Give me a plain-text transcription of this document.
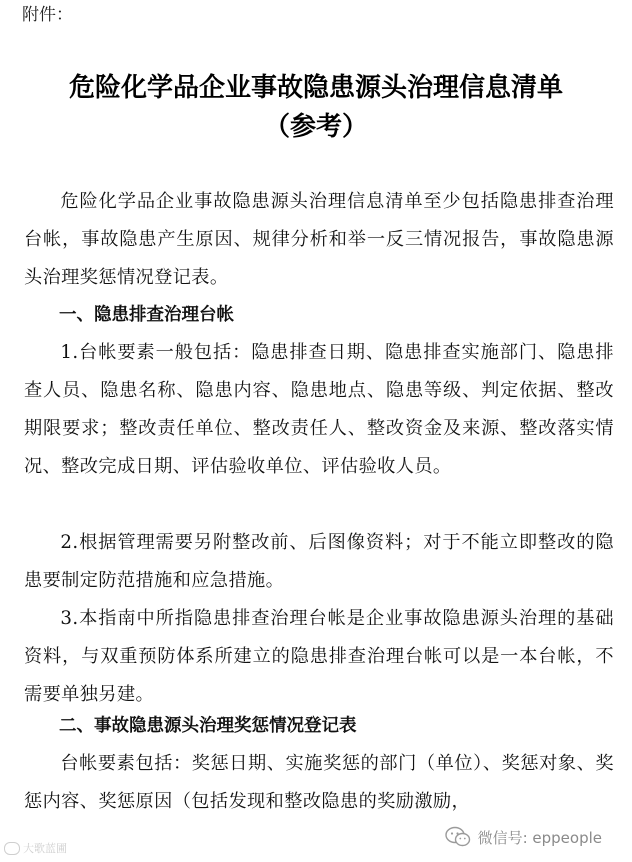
附件：
危险化学品企业事故隐患源头治理信息清单
（参考）

危险化学品企业事故隐患源头治理信息清单至少包括隐患排查治理台帐，事故隐患产生原因、规律分析和举一反三情况报告，事故隐患源头治理奖惩情况登记表。

一、隐患排查治理台帐

1.台帐要素一般包括：隐患排查日期、隐患排查实施部门、隐患排查人员、隐患名称、隐患内容、隐患地点、隐患等级、判定依据、整改期限要求；整改责任单位、整改责任人、整改资金及来源、整改落实情况、整改完成日期、评估验收单位、评估验收人员。

2.根据管理需要另附整改前、后图像资料；对于不能立即整改的隐患要制定防范措施和应急措施。

3.本指南中所指隐患排查治理台帐是企业事故隐患源头治理的基础资料，与双重预防体系所建立的隐患排查治理台帐可以是一本台帐，不需要单独另建。

二、事故隐患源头治理奖惩情况登记表

台帐要素包括：奖惩日期、实施奖惩的部门（单位）、奖惩对象、奖惩内容、奖惩原因（包括发现和整改隐患的奖励激励，

大歌蓝圃
微信号: eppeople
